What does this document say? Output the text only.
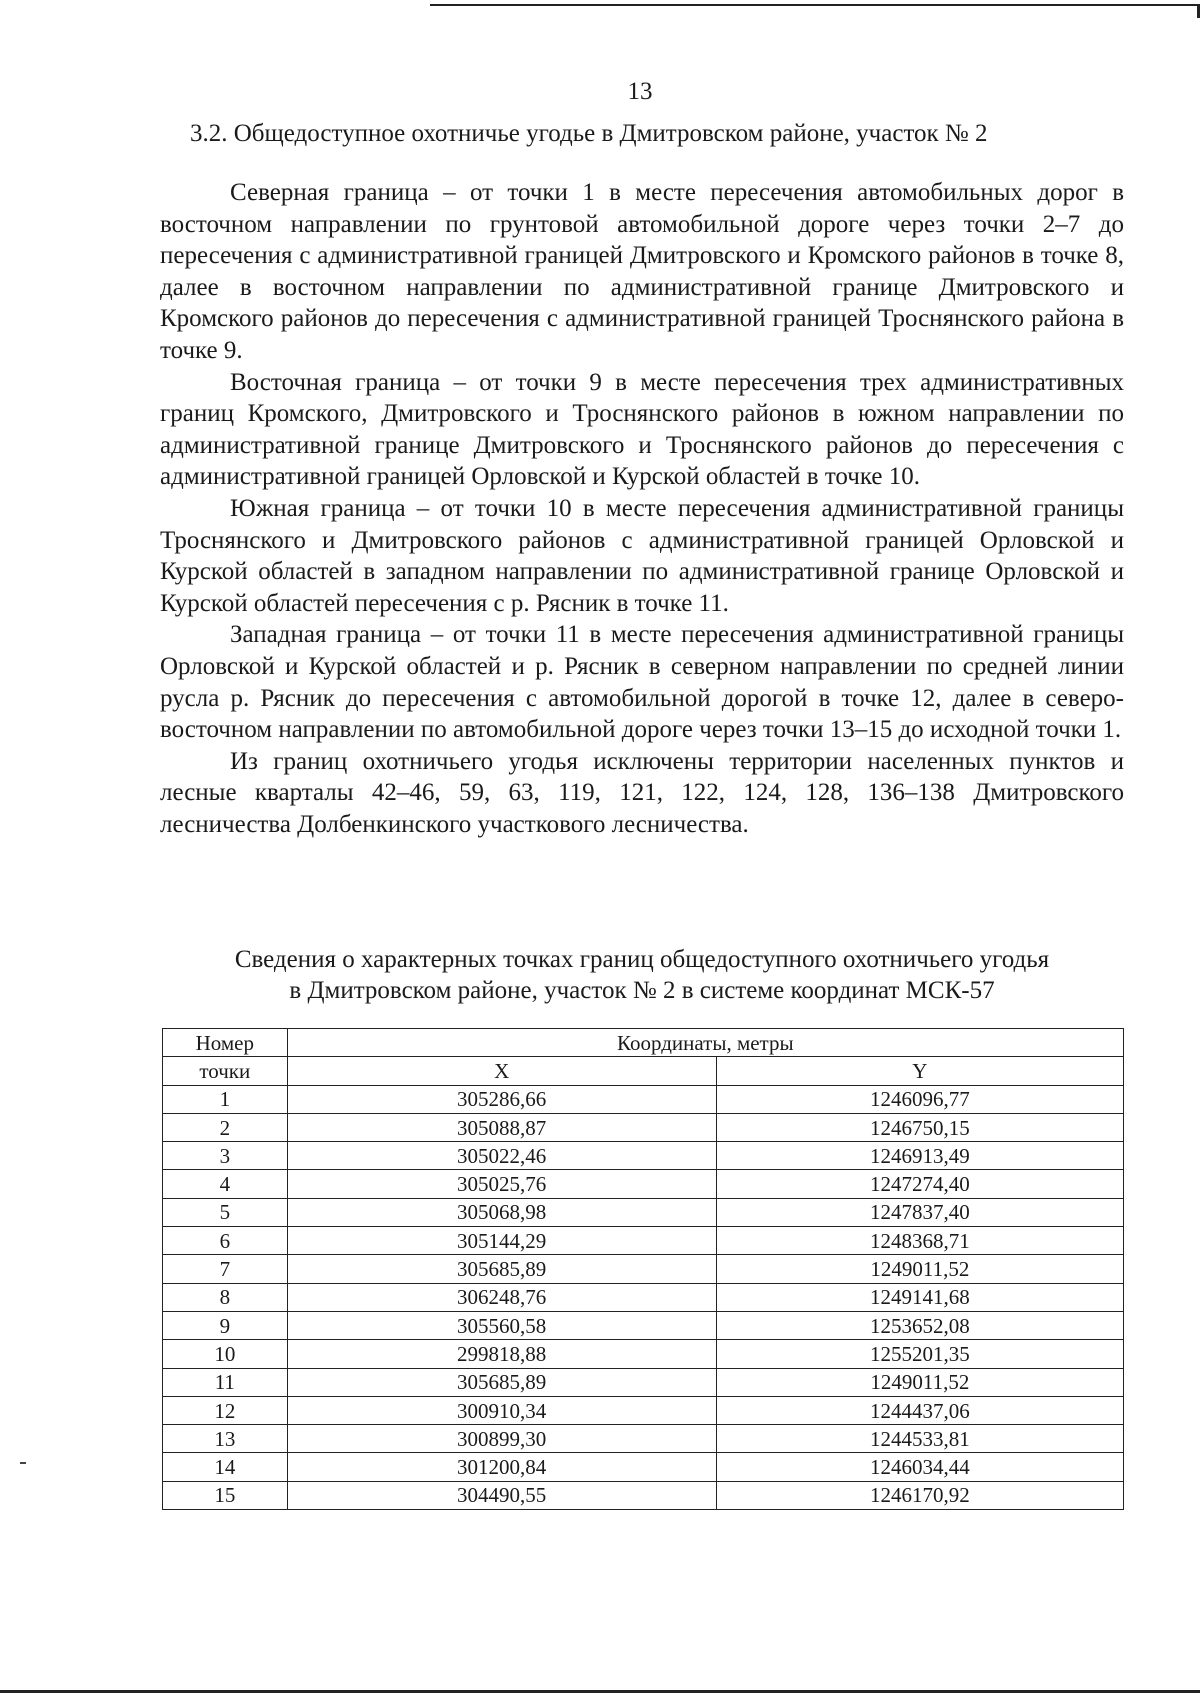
13
3.2. Общедоступное охотничье угодье в Дмитровском районе, участок № 2

Северная граница – от точки 1 в месте пересечения автомобильных дорог в восточном направлении по грунтовой автомобильной дороге через точки 2–7 до пересечения с административной границей Дмитровского и Кромского районов в точке 8, далее в восточном направлении по административной границе Дмитровского и Кромского районов до пересечения с административной границей Троснянского района в точке 9.

Восточная граница – от точки 9 в месте пересечения трех административных границ Кромского, Дмитровского и Троснянского районов в южном направлении по административной границе Дмитровского и Троснянского районов до пересечения с административной границей Орловской и Курской областей в точке 10.

Южная граница – от точки 10 в месте пересечения административной границы Троснянского и Дмитровского районов с административной границей Орловской и Курской областей в западном направлении по административной границе Орловской и Курской областей пересечения с р. Рясник в точке 11.

Западная граница – от точки 11 в месте пересечения административной границы Орловской и Курской областей и р. Рясник в северном направлении по средней линии русла р. Рясник до пересечения с автомобильной дорогой в точке 12, далее в северо-восточном направлении по автомобильной дороге через точки 13–15 до исходной точки 1.

Из границ охотничьего угодья исключены территории населенных пунктов и лесные кварталы 42–46, 59, 63, 119, 121, 122, 124, 128, 136–138 Дмитровского лесничества Долбенкинского участкового лесничества.

Сведения о характерных точках границ общедоступного охотничьего угодья
в Дмитровском районе, участок № 2 в системе координат МСК-57
Номер	Координаты, метры	
точки	X	Y
1	305286,66	1246096,77
2	305088,87	1246750,15
3	305022,46	1246913,49
4	305025,76	1247274,40
5	305068,98	1247837,40
6	305144,29	1248368,71
7	305685,89	1249011,52
8	306248,76	1249141,68
9	305560,58	1253652,08
10	299818,88	1255201,35
11	305685,89	1249011,52
12	300910,34	1244437,06
13	300899,30	1244533,81
14	301200,84	1246034,44
15	304490,55	1246170,92
